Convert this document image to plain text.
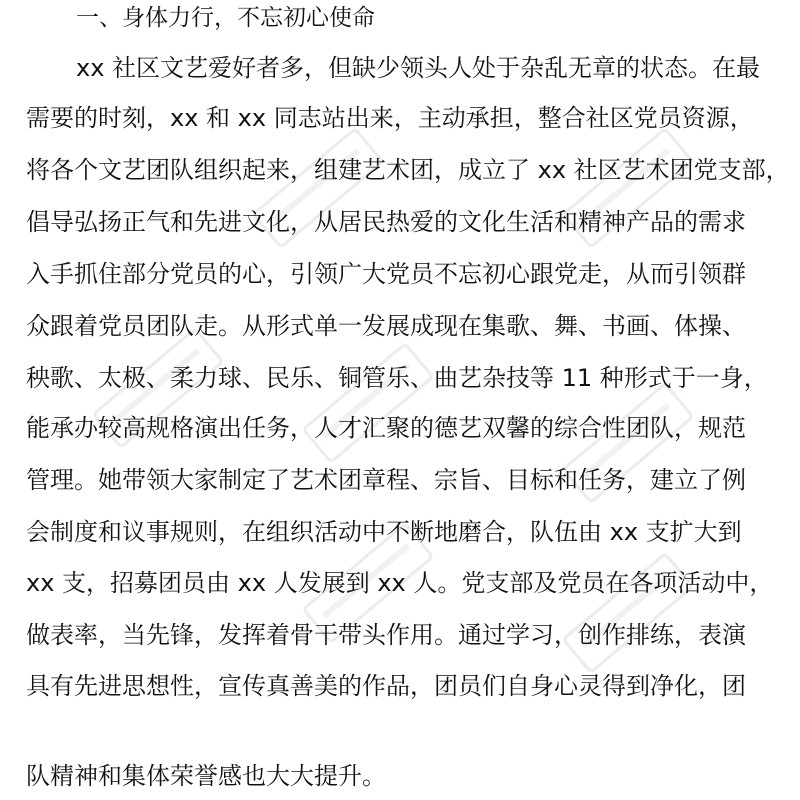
一、身体力行，不忘初心使命
xx 社区文艺爱好者多，但缺少领头人处于杂乱无章的状态。在最
需要的时刻，xx 和 xx 同志站出来，主动承担，整合社区党员资源，
将各个文艺团队组织起来，组建艺术团，成立了 xx 社区艺术团党支部，
倡导弘扬正气和先进文化，从居民热爱的文化生活和精神产品的需求
入手抓住部分党员的心，引领广大党员不忘初心跟党走，从而引领群
众跟着党员团队走。从形式单一发展成现在集歌、舞、书画、体操、
秧歌、太极、柔力球、民乐、铜管乐、曲艺杂技等 11 种形式于一身，
能承办较高规格演出任务，人才汇聚的德艺双馨的综合性团队，规范
管理。她带领大家制定了艺术团章程、宗旨、目标和任务，建立了例
会制度和议事规则，在组织活动中不断地磨合，队伍由 xx 支扩大到
xx 支，招募团员由 xx 人发展到 xx 人。党支部及党员在各项活动中，
做表率，当先锋，发挥着骨干带头作用。通过学习，创作排练，表演
具有先进思想性，宣传真善美的作品，团员们自身心灵得到净化，团
队精神和集体荣誉感也大大提升。
